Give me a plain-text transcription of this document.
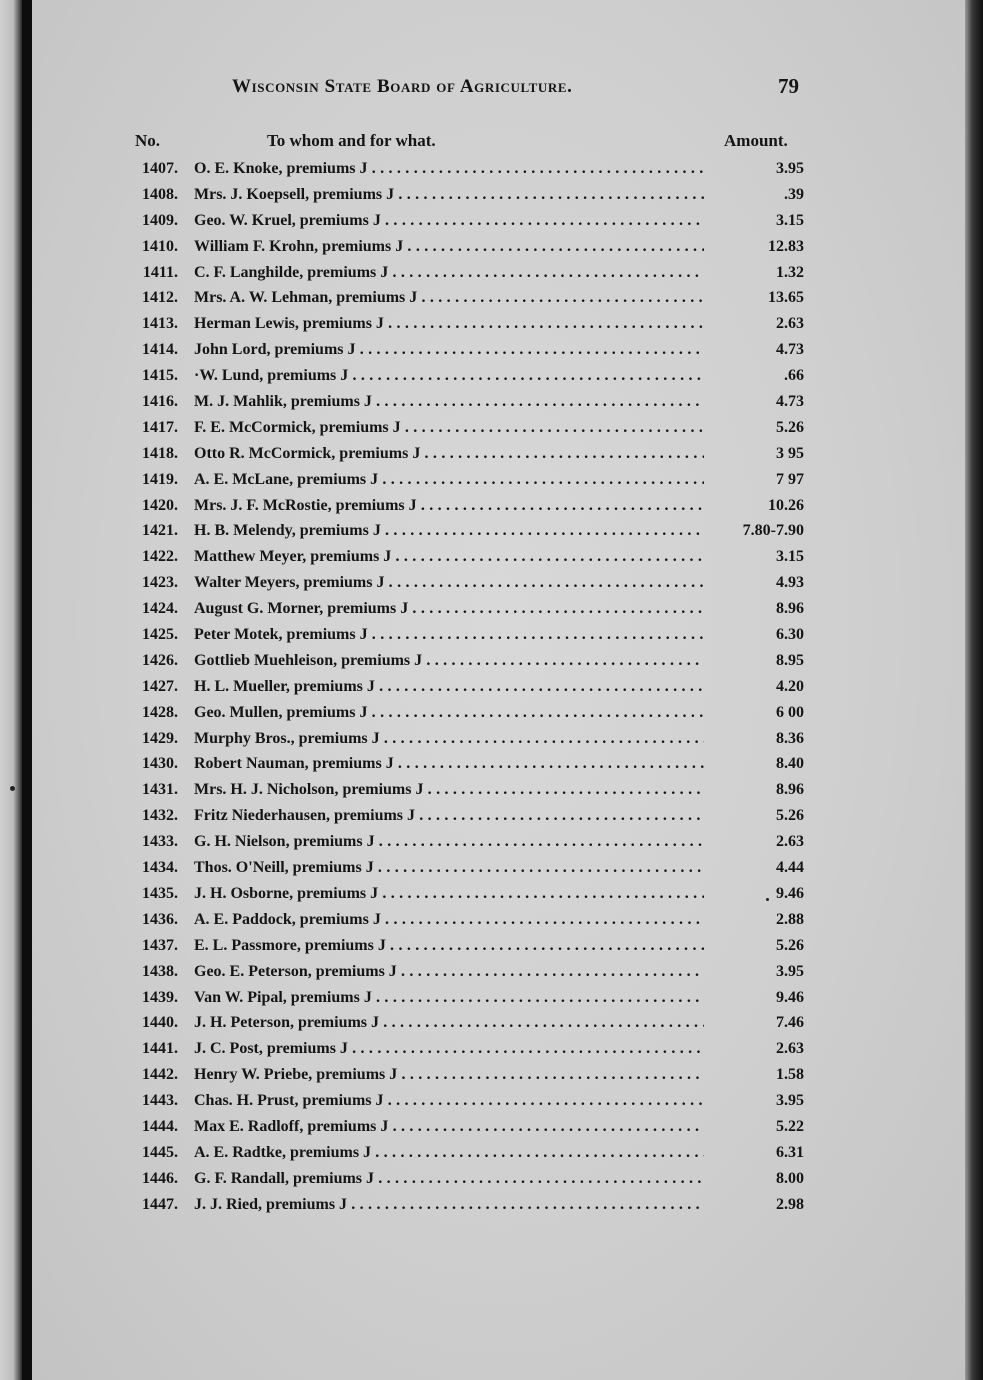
Wisconsin State Board of Agriculture.	79
No.	To whom and for what.	Amount.
1407. O. E. Knoke, premiums J . . .	3.95
1408. Mrs. J. Koepsell, premiums J . . .	.39
1409. Geo. W. Kruel, premiums J . . .	3.15
1410. William F. Krohn, premiums J . . .	12.83
1411. C. F. Langhilde, premiums J . . .	1.32
1412. Mrs. A. W. Lehman, premiums J . . .	13.65
1413. Herman Lewis, premiums J . . .	2.63
1414. John Lord, premiums J . . .	4.73
1415. ·W. Lund, premiums J . . .	.66
1416. M. J. Mahlik, premiums J . . .	4.73
1417. F. E. McCormick, premiums J . . .	5.26
1418. Otto R. McCormick, premiums J . . .	3 95
1419. A. E. McLane, premiums J . . .	7 97
1420. Mrs. J. F. McRostie, premiums J . . .	10.26
1421. H. B. Melendy, premiums J . . .	7.80-7.90
1422. Matthew Meyer, premiums J . . .	3.15
1423. Walter Meyers, premiums J . . .	4.93
1424. August G. Morner, premiums J . . .	8.96
1425. Peter Motek, premiums J . . .	6.30
1426. Gottlieb Muehleison, premiums J . . .	8.95
1427. H. L. Mueller, premiums J . . .	4.20
1428. Geo. Mullen, premiums J . . .	6 00
1429. Murphy Bros., premiums J . . .	8.36
1430. Robert Nauman, premiums J . . .	8.40
1431. Mrs. H. J. Nicholson, premiums J . . .	8.96
1432. Fritz Niederhausen, premiums J . . .	5.26
1433. G. H. Nielson, premiums J . . .	2.63
1434. Thos. O'Neill, premiums J . . .	4.44
1435. J. H. Osborne, premiums J . . .	9.46
1436. A. E. Paddock, premiums J . . .	2.88
1437. E. L. Passmore, premiums J . . .	5.26
1438. Geo. E. Peterson, premiums J . . .	3.95
1439. Van W. Pipal, premiums J . . .	9.46
1440. J. H. Peterson, premiums J . . .	7.46
1441. J. C. Post, premiums J . . .	2.63
1442. Henry W. Priebe, premiums J . . .	1.58
1443. Chas. H. Prust, premiums J . . .	3.95
1444. Max E. Radloff, premiums J . . .	5.22
1445. A. E. Radtke, premiums J . . .	6.31
1446. G. F. Randall, premiums J . . .	8.00
1447. J. J. Ried, premiums J . . .	2.98
